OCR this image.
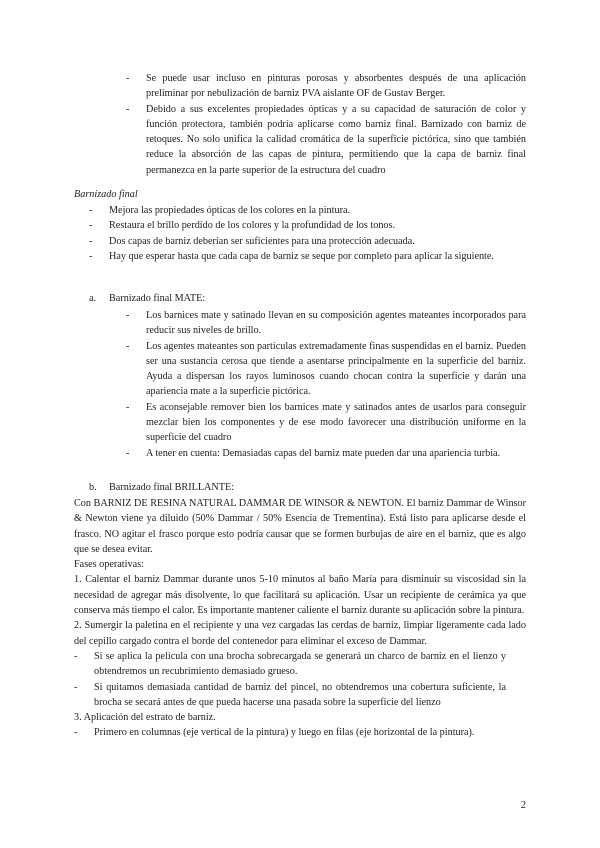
- Se puede usar incluso en pinturas porosas y absorbentes después de una aplicación preliminar por nebulización de barniz PVA aislante OF de Gustav Berger.
- Debido a sus excelentes propiedades ópticas y a su capacidad de saturación de color y función protectora, también podría aplicarse como barniz final. Barnizado con barniz de retoques. No solo unifica la calidad cromática de la superficie pictórica, sino que también reduce la absorción de las capas de pintura, permitiendo que la capa de barniz final permanezca en la parte superior de la estructura del cuadro
Barnizado final
- Mejora las propiedades ópticas de los colores en la pintura.
- Restaura el brillo perdido de los colores y la profundidad de los tonos.
- Dos capas de barniz deberían ser suficientes para una protección adecuada.
- Hay que esperar hasta que cada capa de barniz se seque por completo para aplicar la siguiente.
a. Barnizado final MATE:
- Los barnices mate y satinado llevan en su composición agentes mateantes incorporados para reducir sus niveles de brillo.
- Los agentes mateantes son partículas extremadamente finas suspendidas en el barniz. Pueden ser una sustancia cerosa que tiende a asentarse principalmente en la superficie del barniz. Ayuda a dispersan los rayos luminosos cuando chocan contra la superficie y darán una apariencia mate a la superficie pictórica.
- Es aconsejable remover bien los barnices mate y satinados antes de usarlos para conseguir mezclar bien los componentes y de ese modo favorecer una distribución uniforme en la superficie del cuadro
- A tener en cuenta: Demasiadas capas del barniz mate pueden dar una apariencia turbia.
b. Barnizado final BRILLANTE:

Con BARNIZ DE RESINA NATURAL DAMMAR DE WINSOR & NEWTON. El barniz Dammar de Winsor & Newton viene ya diluido (50% Dammar / 50% Esencia de Trementina). Está listo para aplicarse desde el frasco. NO agitar el frasco porque esto podría causar que se formen burbujas de aire en el barniz, que es algo que se desea evitar.

Fases operativas:

1. Calentar el barniz Dammar durante unos 5-10 minutos al baño María para disminuir su viscosidad sin la necesidad de agregar más disolvente, lo que facilitará su aplicación. Usar un recipiente de cerámica ya que conserva más tiempo el calor. Es importante mantener caliente el barniz durante su aplicación sobre la pintura.

2. Sumergir la paletina en el recipiente y una vez cargadas las cerdas de barniz, limpiar ligeramente cada lado del cepillo cargado contra el borde del contenedor para eliminar el exceso de Dammar.

- Si se aplica la película con una brocha sobrecargada se generará un charco de barniz en el lienzo y obtendremos un recubrimiento demasiado grueso.
- Si quitamos demasiada cantidad de barniz del pincel, no obtendremos una cobertura suficiente, la brocha se secará antes de que pueda hacerse una pasada sobre la superficie del lienzo

3. Aplicación del estrato de barniz.

- Primero en columnas (eje vertical de la pintura) y luego en filas (eje horizontal de la pintura).
2
